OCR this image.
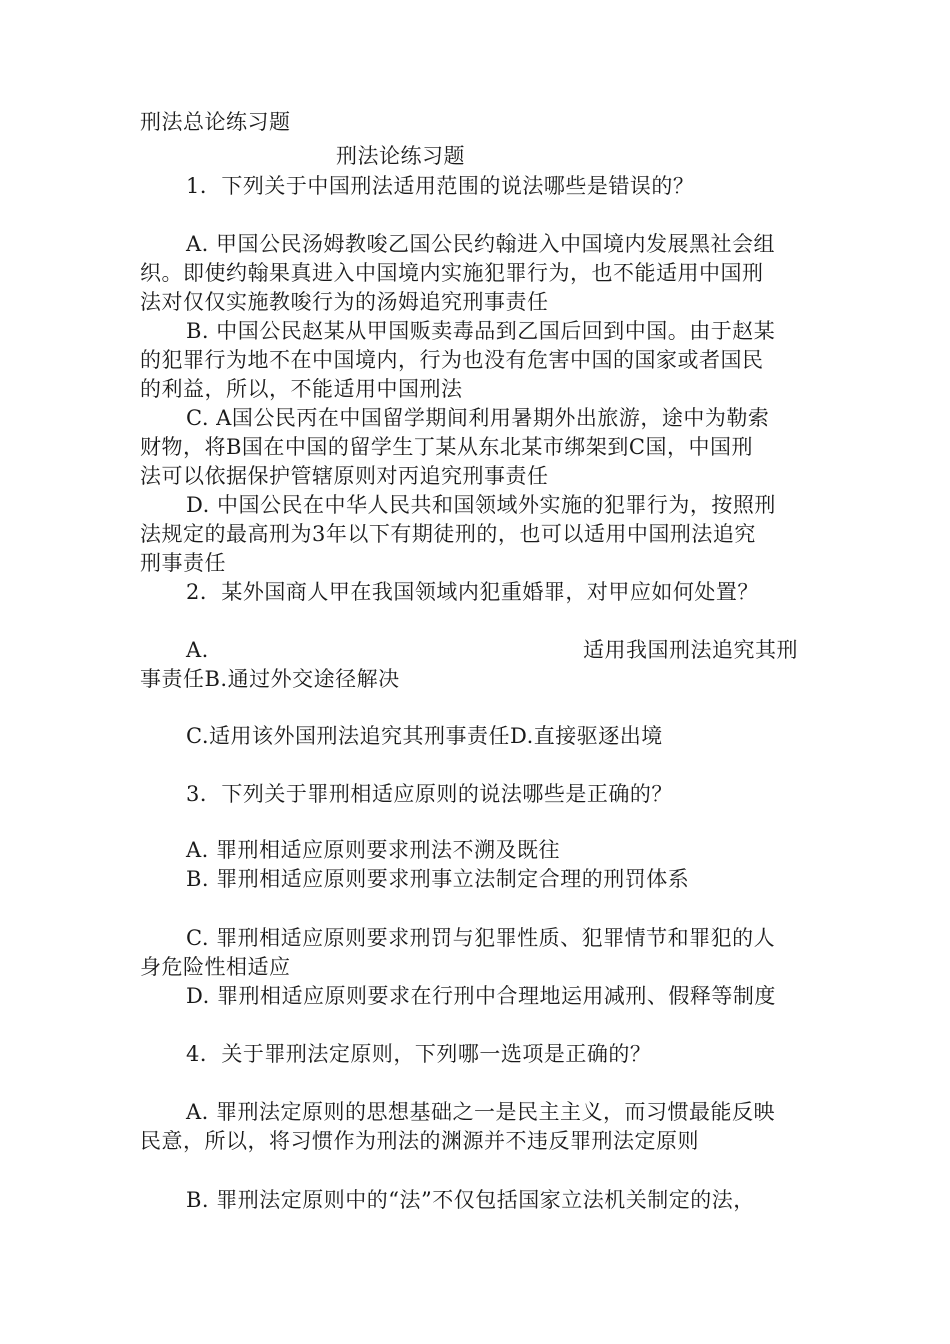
刑法总论练习题
刑法论练习题
1．下列关于中国刑法适用范围的说法哪些是错误的？
A. 甲国公民汤姆教唆乙国公民约翰进入中国境内发展黑社会组
织。即使约翰果真进入中国境内实施犯罪行为，也不能适用中国刑
法对仅仅实施教唆行为的汤姆追究刑事责任
B. 中国公民赵某从甲国贩卖毒品到乙国后回到中国。由于赵某
的犯罪行为地不在中国境内，行为也没有危害中国的国家或者国民
的利益，所以，不能适用中国刑法
C. A国公民丙在中国留学期间利用暑期外出旅游，途中为勒索
财物，将B国在中国的留学生丁某从东北某市绑架到C国，中国刑
法可以依据保护管辖原则对丙追究刑事责任
D. 中国公民在中华人民共和国领域外实施的犯罪行为，按照刑
法规定的最高刑为3年以下有期徒刑的，也可以适用中国刑法追究
刑事责任
2．某外国商人甲在我国领域内犯重婚罪，对甲应如何处置？
A.	适用我国刑法追究其刑
事责任B.通过外交途径解决
C.适用该外国刑法追究其刑事责任D.直接驱逐出境
3．下列关于罪刑相适应原则的说法哪些是正确的？
A. 罪刑相适应原则要求刑法不溯及既往
B. 罪刑相适应原则要求刑事立法制定合理的刑罚体系
C. 罪刑相适应原则要求刑罚与犯罪性质、犯罪情节和罪犯的人
身危险性相适应
D. 罪刑相适应原则要求在行刑中合理地运用减刑、假释等制度
4．关于罪刑法定原则，下列哪一选项是正确的？
A. 罪刑法定原则的思想基础之一是民主主义，而习惯最能反映
民意，所以，将习惯作为刑法的渊源并不违反罪刑法定原则
B. 罪刑法定原则中的“法”不仅包括国家立法机关制定的法，
